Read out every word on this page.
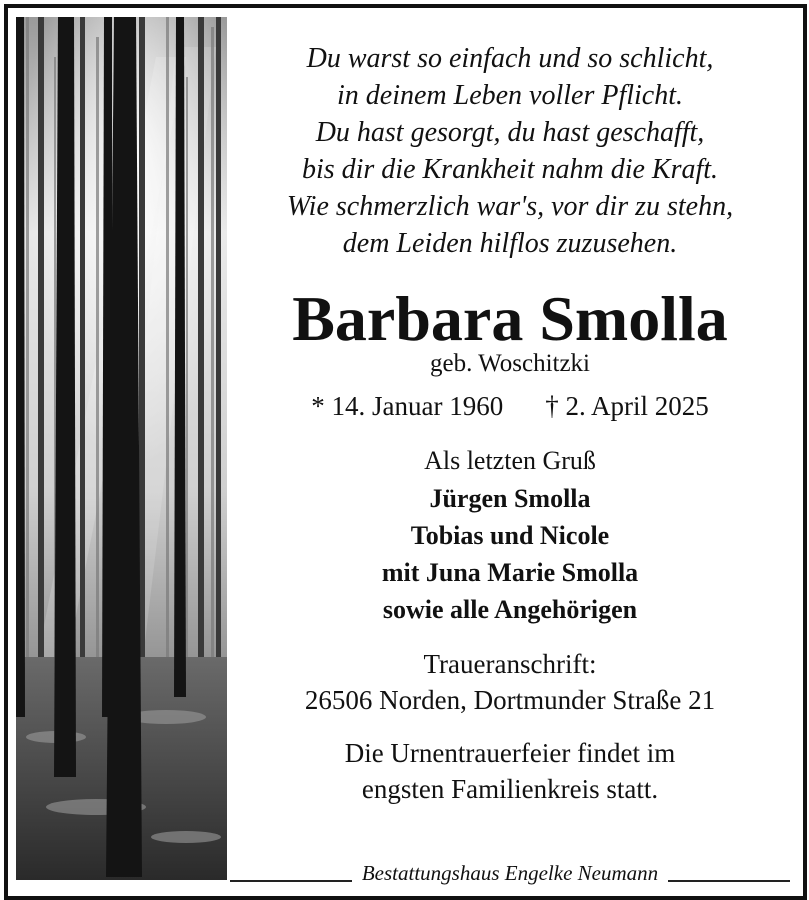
Du warst so einfach und so schlicht,
in deinem Leben voller Pflicht.
Du hast gesorgt, du hast geschafft,
bis dir die Krankheit nahm die Kraft.
Wie schmerzlich war's, vor dir zu stehn,
dem Leiden hilflos zuzusehen.
Barbara Smolla
geb. Woschitzki
* 14. Januar 1960 † 2. April 2025
Als letzten Gruß
Jürgen Smolla
Tobias und Nicole
mit Juna Marie Smolla
sowie alle Angehörigen
Traueranschrift:
26506 Norden, Dortmunder Straße 21
Die Urnentrauerfeier findet im
engsten Familienkreis statt.
Bestattungshaus Engelke Neumann
